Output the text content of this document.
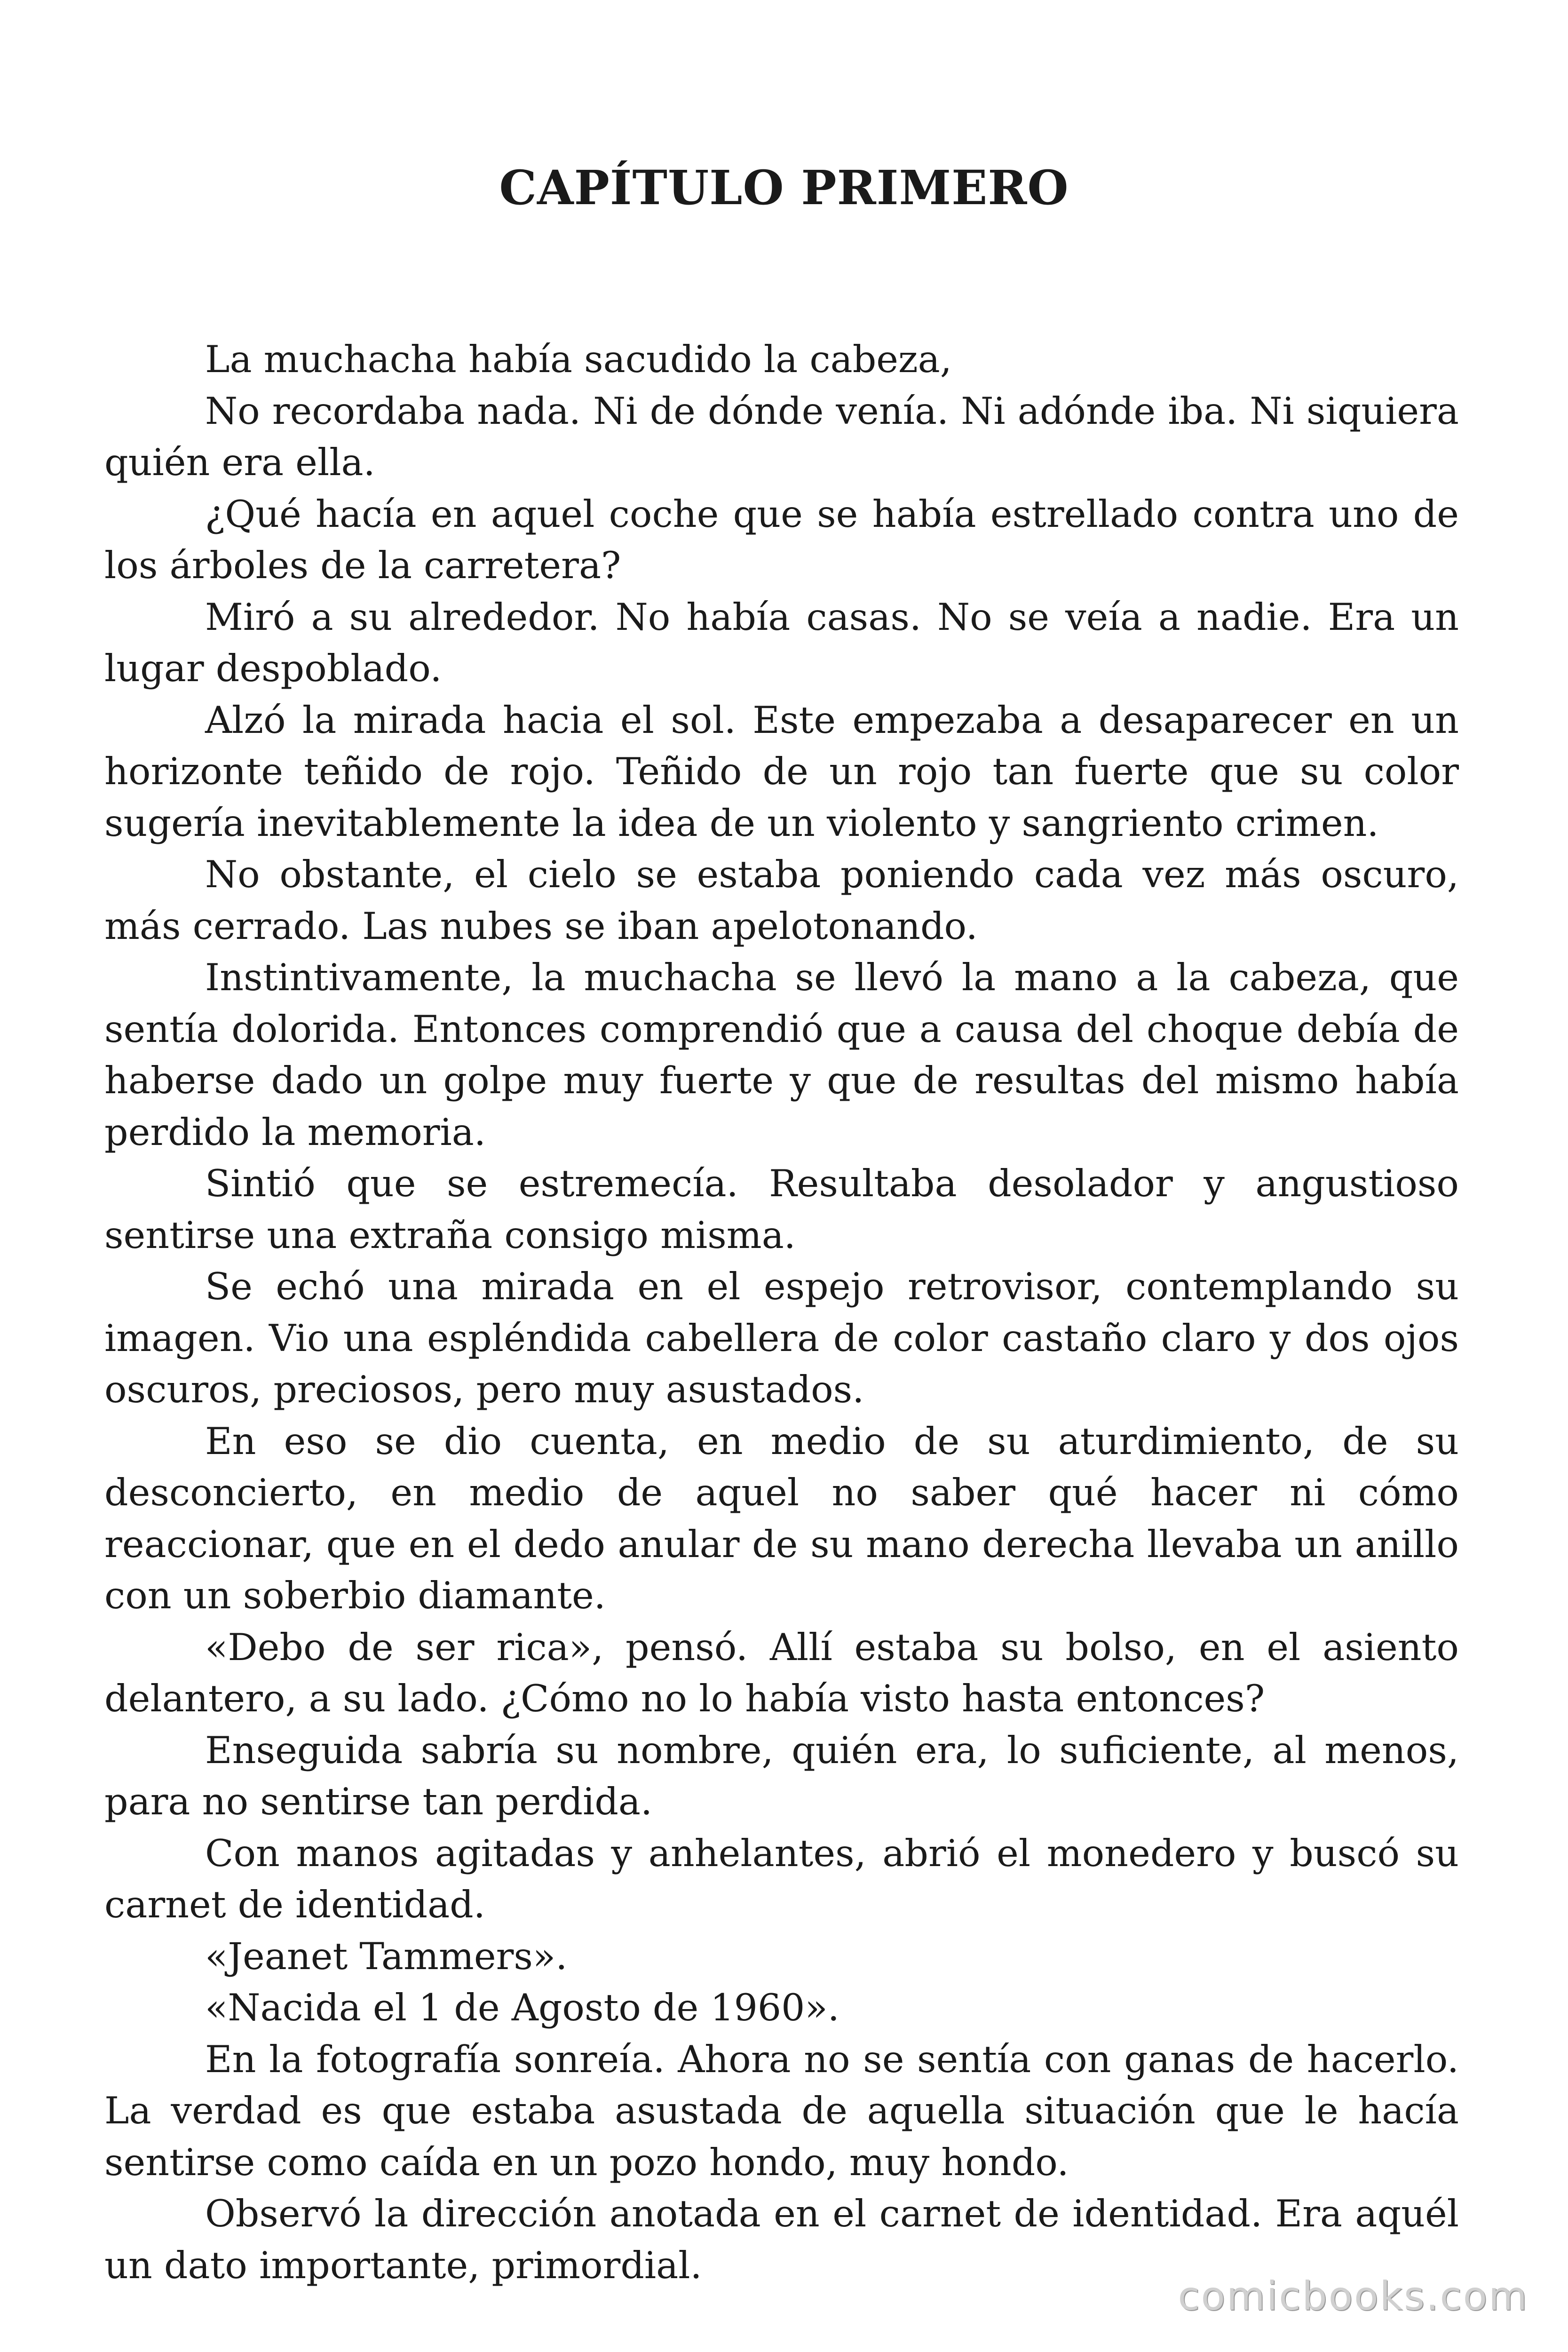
CAPÍTULO PRIMERO

La muchacha había sacudido la cabeza,

No recordaba nada. Ni de dónde venía. Ni adónde iba. Ni siquiera quién era ella.

¿Qué hacía en aquel coche que se había estrellado contra uno de los árboles de la carretera?

Miró a su alrededor. No había casas. No se veía a nadie. Era un lugar despoblado.

Alzó la mirada hacia el sol. Este empezaba a desaparecer en un horizonte teñido de rojo. Teñido de un rojo tan fuerte que su color sugería inevitablemente la idea de un violento y sangriento crimen.

No obstante, el cielo se estaba poniendo cada vez más oscuro, más cerrado. Las nubes se iban apelotonando.

Instintivamente, la muchacha se llevó la mano a la cabeza, que sentía dolorida. Entonces comprendió que a causa del choque debía de haberse dado un golpe muy fuerte y que de resultas del mismo había perdido la memoria.

Sintió que se estremecía. Resultaba desolador y angustioso sentirse una extraña consigo misma.

Se echó una mirada en el espejo retrovisor, contemplando su imagen. Vio una espléndida cabellera de color castaño claro y dos ojos oscuros, preciosos, pero muy asustados.

En eso se dio cuenta, en medio de su aturdimiento, de su desconcierto, en medio de aquel no saber qué hacer ni cómo reaccionar, que en el dedo anular de su mano derecha llevaba un anillo con un soberbio diamante.

«Debo de ser rica», pensó. Allí estaba su bolso, en el asiento delantero, a su lado. ¿Cómo no lo había visto hasta entonces?

Enseguida sabría su nombre, quién era, lo suficiente, al menos, para no sentirse tan perdida.

Con manos agitadas y anhelantes, abrió el monedero y buscó su carnet de identidad.

«Jeanet Tammers».

«Nacida el 1 de Agosto de 1960».

En la fotografía sonreía. Ahora no se sentía con ganas de hacerlo. La verdad es que estaba asustada de aquella situación que le hacía sentirse como caída en un pozo hondo, muy hondo.

Observó la dirección anotada en el carnet de identidad. Era aquél un dato importante, primordial.

comicbooks.com
